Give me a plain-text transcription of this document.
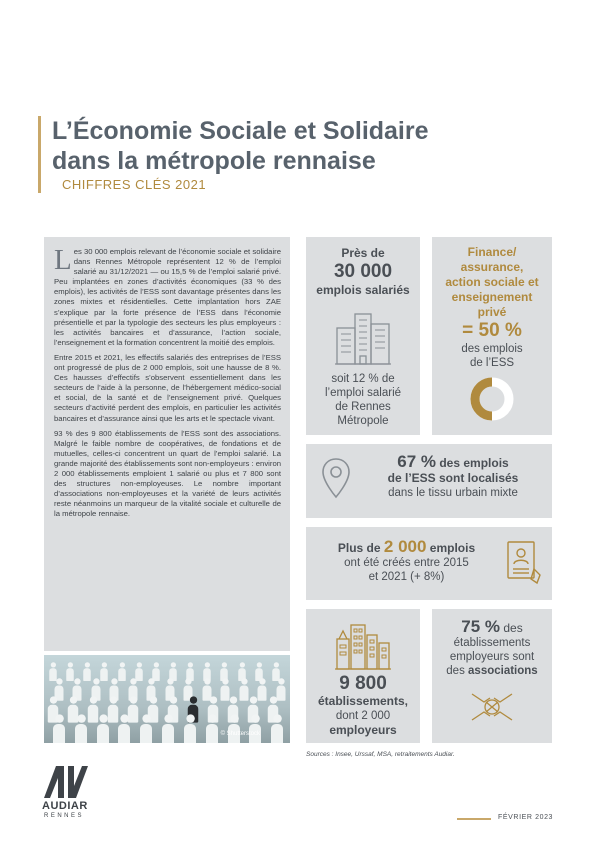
L’Économie Sociale et Solidaire
dans la métropole rennaise
CHIFFRES CLÉS 2021

Les 30 000 emplois relevant de l’économie sociale et solidaire dans Rennes Métropole représentent 12 % de l’emploi salarié au 31/12/2021 — ou 15,5 % de l’emploi salarié privé. Peu implantées en zones d’activités économiques (33 % des emplois), les activités de l’ESS sont davantage présentes dans les zones mixtes et résidentielles. Cette implantation hors ZAE s’explique par la forte présence de l’ESS dans l’économie présentielle et par la typologie des secteurs les plus employeurs : les activités bancaires et d’assurance, l’action sociale, l’enseignement et la formation concentrent la moitié des emplois.

Entre 2015 et 2021, les effectifs salariés des entreprises de l’ESS ont progressé de plus de 2 000 emplois, soit une hausse de 8 %. Ces hausses d’effectifs s’observent essentiellement dans les secteurs de l’aide à la personne, de l’hébergement médico-social et social, de la santé et de l’enseignement privé. Quelques secteurs d’activité perdent des emplois, en particulier les activités bancaires et d’assurance ainsi que les arts et le spectacle vivant.

93 % des 9 800 établissements de l’ESS sont des associations. Malgré le faible nombre de coopératives, de fondations et de mutuelles, celles-ci concentrent un quart de l’emploi salarié. La grande majorité des établissements sont non-employeurs : environ 2 000 établissements emploient 1 salarié ou plus et 7 800 sont des structures non-employeuses. Le nombre important d’associations non-employeuses et la variété de leurs activités reste néanmoins un marqueur de la vitalité sociale et culturelle de la métropole rennaise.

© Shutterstock
Près de
30 000
emplois salariés
soit 12 % de
l’emploi salarié
de Rennes
Métropole
Finance/
assurance,
action sociale et
enseignement
privé
= 50 %
des emplois
de l’ESS
67 % des emplois
de l’ESS sont localisés
dans le tissu urbain mixte
Plus de 2 000 emplois
ont été créés entre 2015
et 2021 (+ 8%)
9 800
établissements,
dont 2 000
employeurs
75 % des
établissements
employeurs sont
des associations
Sources : Insee, Urssaf, MSA, retraitements Audiar.
AUDIAR
RENNES	FÉVRIER 2023
